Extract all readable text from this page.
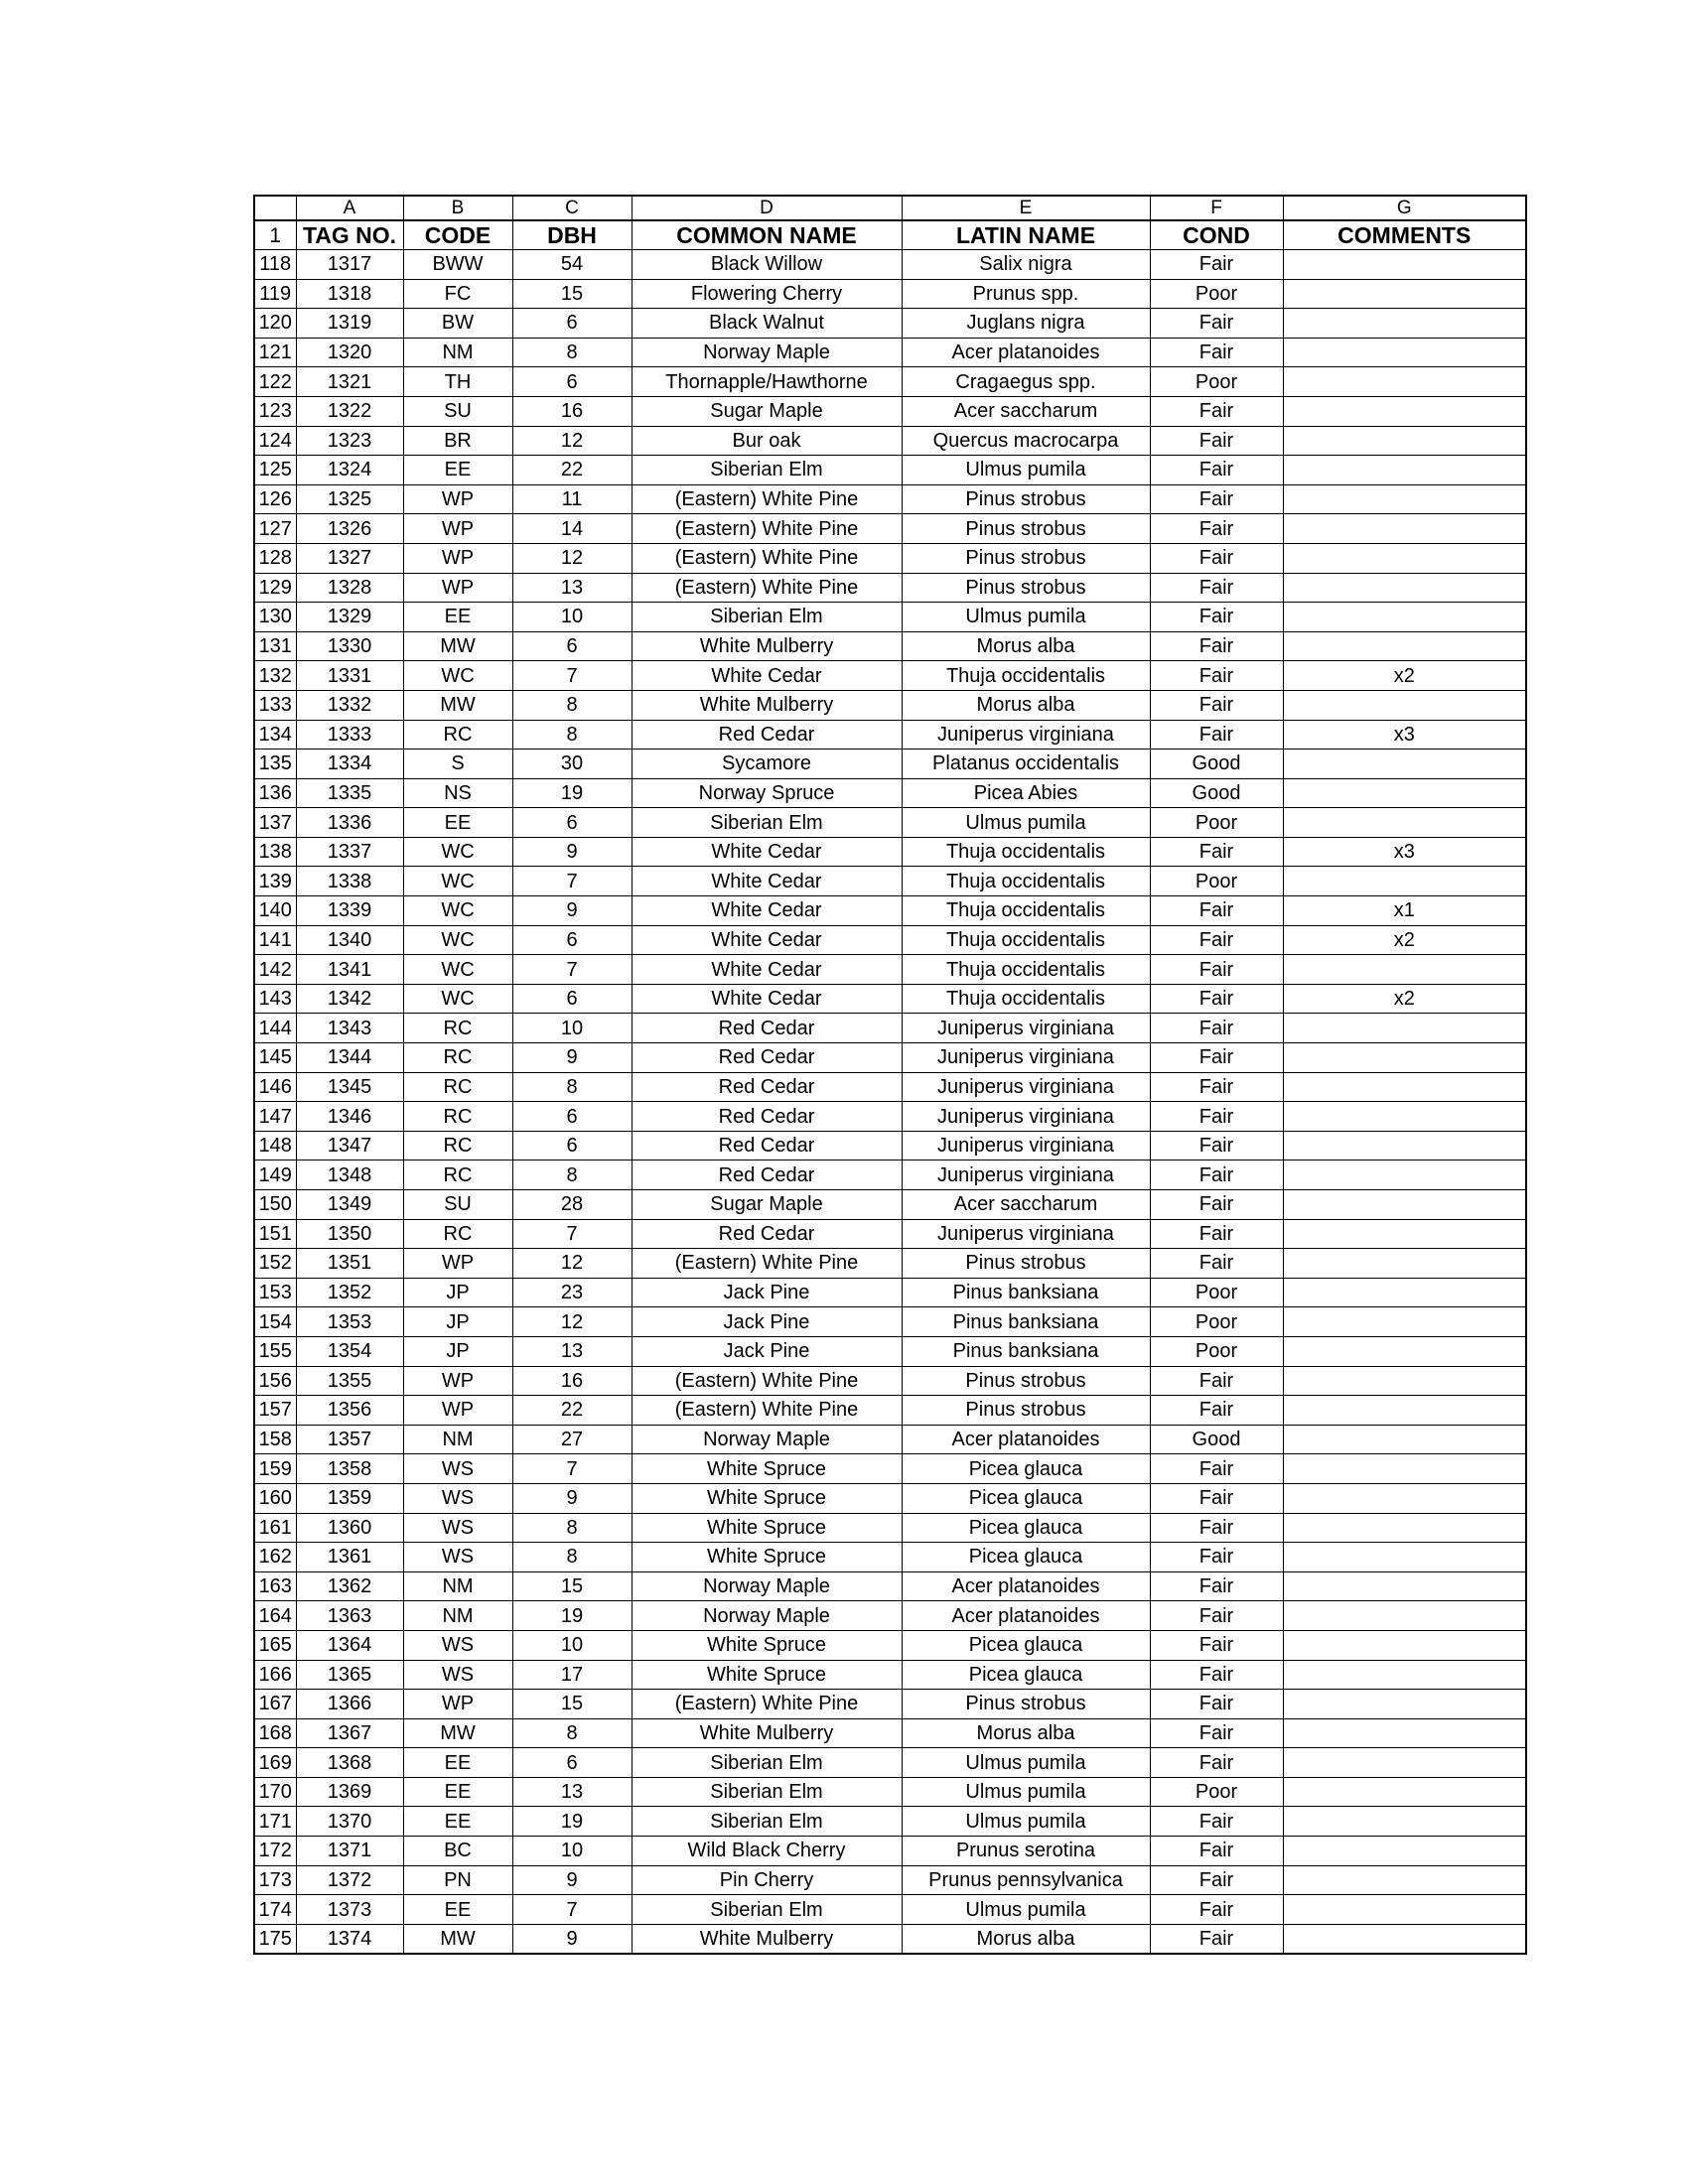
	A	B	C	D	E	F	G
1	TAG NO.	CODE	DBH	COMMON NAME	LATIN NAME	COND	COMMENTS
118	1317	BWW	54	Black Willow	Salix nigra	Fair	
119	1318	FC	15	Flowering Cherry	Prunus spp.	Poor	
120	1319	BW	6	Black Walnut	Juglans nigra	Fair	
121	1320	NM	8	Norway Maple	Acer platanoides	Fair	
122	1321	TH	6	Thornapple/Hawthorne	Cragaegus spp.	Poor	
123	1322	SU	16	Sugar Maple	Acer saccharum	Fair	
124	1323	BR	12	Bur oak	Quercus macrocarpa	Fair	
125	1324	EE	22	Siberian Elm	Ulmus pumila	Fair	
126	1325	WP	11	(Eastern) White Pine	Pinus strobus	Fair	
127	1326	WP	14	(Eastern) White Pine	Pinus strobus	Fair	
128	1327	WP	12	(Eastern) White Pine	Pinus strobus	Fair	
129	1328	WP	13	(Eastern) White Pine	Pinus strobus	Fair	
130	1329	EE	10	Siberian Elm	Ulmus pumila	Fair	
131	1330	MW	6	White Mulberry	Morus alba	Fair	
132	1331	WC	7	White Cedar	Thuja occidentalis	Fair	x2
133	1332	MW	8	White Mulberry	Morus alba	Fair	
134	1333	RC	8	Red Cedar	Juniperus virginiana	Fair	x3
135	1334	S	30	Sycamore	Platanus occidentalis	Good	
136	1335	NS	19	Norway Spruce	Picea Abies	Good	
137	1336	EE	6	Siberian Elm	Ulmus pumila	Poor	
138	1337	WC	9	White Cedar	Thuja occidentalis	Fair	x3
139	1338	WC	7	White Cedar	Thuja occidentalis	Poor	
140	1339	WC	9	White Cedar	Thuja occidentalis	Fair	x1
141	1340	WC	6	White Cedar	Thuja occidentalis	Fair	x2
142	1341	WC	7	White Cedar	Thuja occidentalis	Fair	
143	1342	WC	6	White Cedar	Thuja occidentalis	Fair	x2
144	1343	RC	10	Red Cedar	Juniperus virginiana	Fair	
145	1344	RC	9	Red Cedar	Juniperus virginiana	Fair	
146	1345	RC	8	Red Cedar	Juniperus virginiana	Fair	
147	1346	RC	6	Red Cedar	Juniperus virginiana	Fair	
148	1347	RC	6	Red Cedar	Juniperus virginiana	Fair	
149	1348	RC	8	Red Cedar	Juniperus virginiana	Fair	
150	1349	SU	28	Sugar Maple	Acer saccharum	Fair	
151	1350	RC	7	Red Cedar	Juniperus virginiana	Fair	
152	1351	WP	12	(Eastern) White Pine	Pinus strobus	Fair	
153	1352	JP	23	Jack Pine	Pinus banksiana	Poor	
154	1353	JP	12	Jack Pine	Pinus banksiana	Poor	
155	1354	JP	13	Jack Pine	Pinus banksiana	Poor	
156	1355	WP	16	(Eastern) White Pine	Pinus strobus	Fair	
157	1356	WP	22	(Eastern) White Pine	Pinus strobus	Fair	
158	1357	NM	27	Norway Maple	Acer platanoides	Good	
159	1358	WS	7	White Spruce	Picea glauca	Fair	
160	1359	WS	9	White Spruce	Picea glauca	Fair	
161	1360	WS	8	White Spruce	Picea glauca	Fair	
162	1361	WS	8	White Spruce	Picea glauca	Fair	
163	1362	NM	15	Norway Maple	Acer platanoides	Fair	
164	1363	NM	19	Norway Maple	Acer platanoides	Fair	
165	1364	WS	10	White Spruce	Picea glauca	Fair	
166	1365	WS	17	White Spruce	Picea glauca	Fair	
167	1366	WP	15	(Eastern) White Pine	Pinus strobus	Fair	
168	1367	MW	8	White Mulberry	Morus alba	Fair	
169	1368	EE	6	Siberian Elm	Ulmus pumila	Fair	
170	1369	EE	13	Siberian Elm	Ulmus pumila	Poor	
171	1370	EE	19	Siberian Elm	Ulmus pumila	Fair	
172	1371	BC	10	Wild Black Cherry	Prunus serotina	Fair	
173	1372	PN	9	Pin Cherry	Prunus pennsylvanica	Fair	
174	1373	EE	7	Siberian Elm	Ulmus pumila	Fair	
175	1374	MW	9	White Mulberry	Morus alba	Fair	
